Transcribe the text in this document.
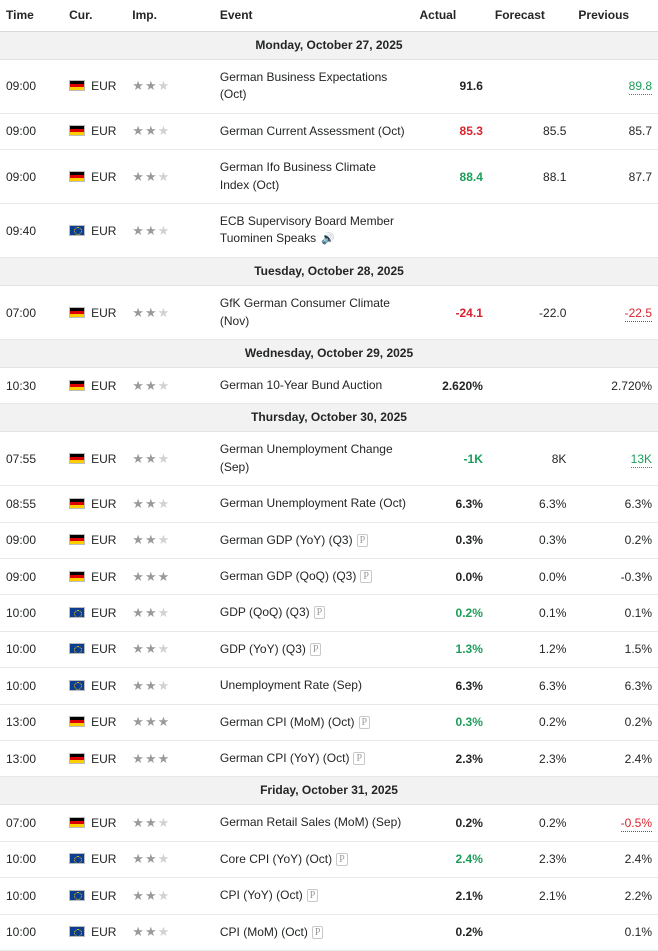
Time	Cur.	Imp.	Event	Actual	Forecast	Previous
Monday, October 27, 2025						
09:00	EUR	★★★	German Business Expectations (Oct)	91.6		89.8
09:00	EUR	★★★	German Current Assessment (Oct)	85.3	85.5	85.7
09:00	EUR	★★★	German Ifo Business Climate Index (Oct)	88.4	88.1	87.7
09:40	EUR	★★★	ECB Supervisory Board Member Tuominen Speaks 🔊			
Tuesday, October 28, 2025						
07:00	EUR	★★★	GfK German Consumer Climate (Nov)	-24.1	-22.0	-22.5
Wednesday, October 29, 2025						
10:30	EUR	★★★	German 10-Year Bund Auction	2.620%		2.720%
Thursday, October 30, 2025						
07:55	EUR	★★★	German Unemployment Change (Sep)	-1K	8K	13K
08:55	EUR	★★★	German Unemployment Rate (Oct)	6.3%	6.3%	6.3%
09:00	EUR	★★★	German GDP (YoY) (Q3) P	0.3%	0.3%	0.2%
09:00	EUR	★★★	German GDP (QoQ) (Q3) P	0.0%	0.0%	-0.3%
10:00	EUR	★★★	GDP (QoQ) (Q3) P	0.2%	0.1%	0.1%
10:00	EUR	★★★	GDP (YoY) (Q3) P	1.3%	1.2%	1.5%
10:00	EUR	★★★	Unemployment Rate (Sep)	6.3%	6.3%	6.3%
13:00	EUR	★★★	German CPI (MoM) (Oct) P	0.3%	0.2%	0.2%
13:00	EUR	★★★	German CPI (YoY) (Oct) P	2.3%	2.3%	2.4%
Friday, October 31, 2025						
07:00	EUR	★★★	German Retail Sales (MoM) (Sep)	0.2%	0.2%	-0.5%
10:00	EUR	★★★	Core CPI (YoY) (Oct) P	2.4%	2.3%	2.4%
10:00	EUR	★★★	CPI (YoY) (Oct) P	2.1%	2.1%	2.2%
10:00	EUR	★★★	CPI (MoM) (Oct) P	0.2%		0.1%
